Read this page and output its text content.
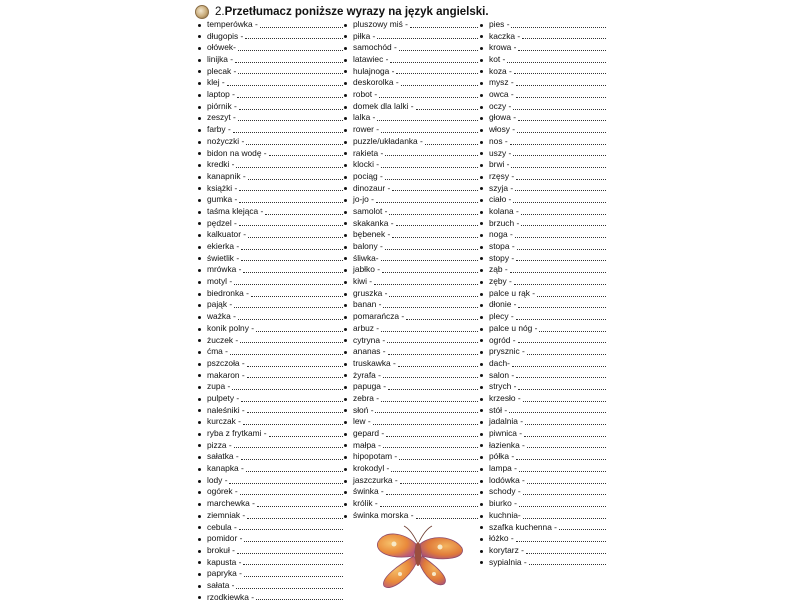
2.Przetłumacz poniższe wyrazy na język angielski.
temperówka -
długopis -
ołówek-
linijka -
plecak -
klej -
laptop -
piórnik -
zeszyt -
farby -
nożyczki -
bidon na wodę -
kredki -
kanapnik -
książki -
gumka -
taśma klejąca -
pędzel -
kalkuator -
ekierka -
świetlik -
mrówka -
motyl -
biedronka -
pająk -
ważka -
konik polny -
żuczek -
ćma -
pszczoła -
makaron -
zupa -
pulpety -
naleśniki -
kurczak -
ryba z frytkami -
pizza -
sałatka -
kanapka -
lody -
ogórek -
marchewka -
ziemniak -
cebula -
pomidor -
brokuł -
kapusta -
papryka -
sałata -
rzodkiewka -
pluszowy miś -
piłka -
samochód -
latawiec -
hulajnoga -
deskorolka -
robot -
domek dla lalki -
lalka -
rower -
puzzle/układanka -
rakieta -
klocki -
pociąg -
dinozaur -
jo-jo -
samolot -
skakanka -
bębenek -
balony -
śliwka-
jabłko -
kiwi -
gruszka -
banan -
pomarańcza -
arbuz -
cytryna -
ananas -
truskawka -
żyrafa -
papuga -
zebra -
słoń -
lew -
gepard -
małpa -
hipopotam -
krokodyl -
jaszczurka -
świnka -
królik -
świnka morska -
pies -
kaczka -
krowa -
kot -
koza -
mysz -
owca -
oczy -
głowa -
włosy -
nos -
uszy -
brwi -
rzęsy -
szyja -
ciało -
kolana -
brzuch -
noga -
stopa -
stopy -
ząb -
zęby -
palce u rąk -
dłonie -
plecy -
palce u nóg -
ogród -
prysznic -
dach-
salon -
strych -
krzesło -
stół -
jadalnia -
piwnica -
łazienka -
półka -
lampa -
lodówka -
schody -
biurko -
kuchnia-
szafka kuchenna -
łóżko -
korytarz -
sypialnia -
